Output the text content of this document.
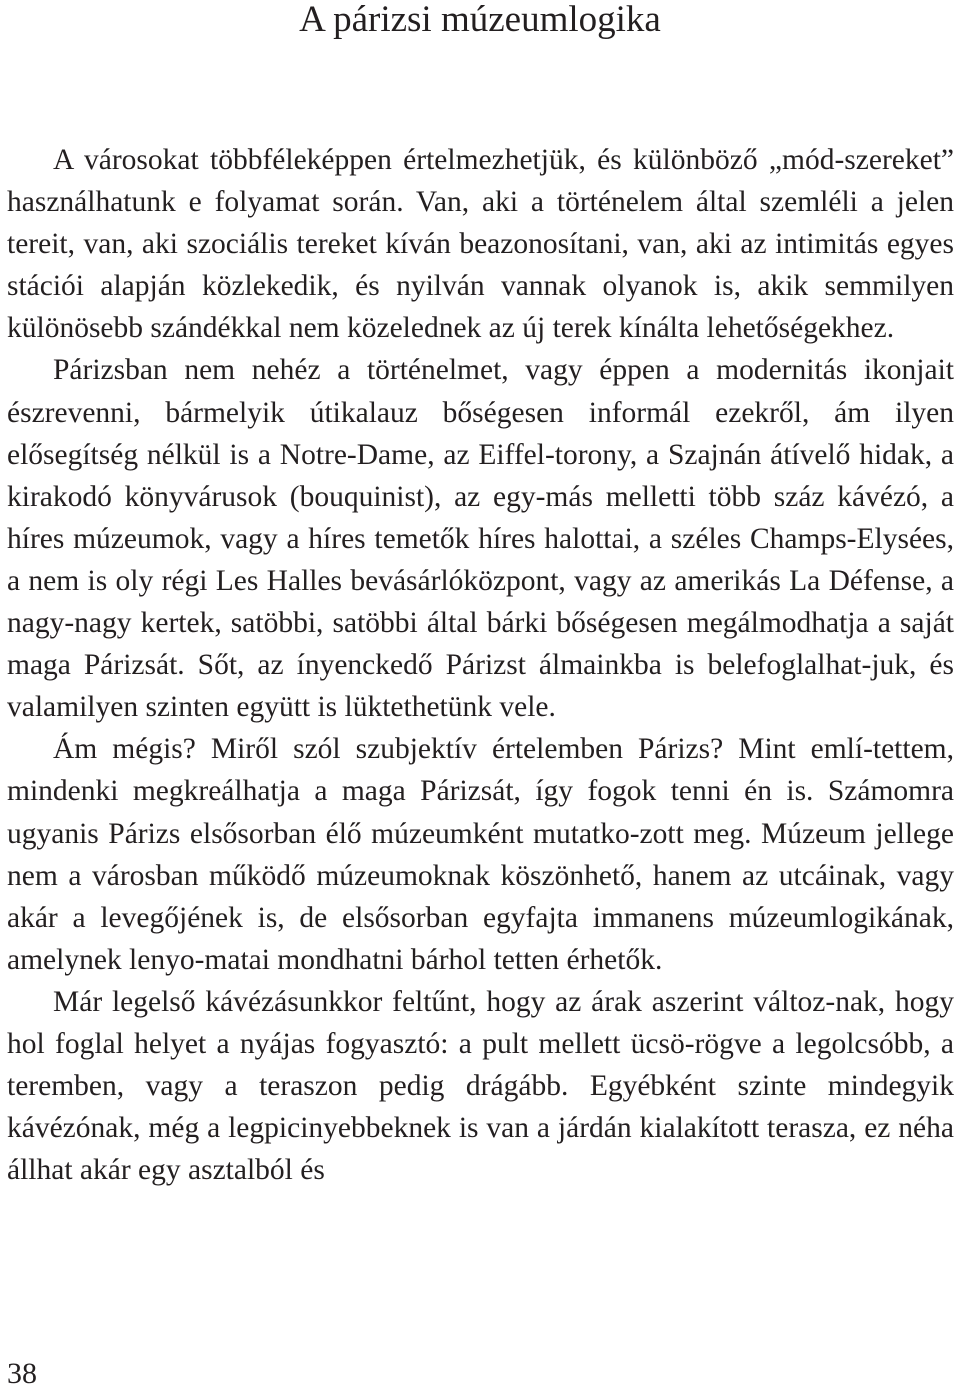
A párizsi múzeumlogika

A városokat többféleképpen értelmezhetjük, és különböző „mód-szereket” használhatunk e folyamat során. Van, aki a történelem által szemléli a jelen tereit, van, aki szociális tereket kíván beazonosítani, van, aki az intimitás egyes stációi alapján közlekedik, és nyilván vannak olyanok is, akik semmilyen különösebb szándékkal nem közelednek az új terek kínálta lehetőségekhez.

Párizsban nem nehéz a történelmet, vagy éppen a modernitás ikonjait észrevenni, bármelyik útikalauz bőségesen informál ezekről, ám ilyen elősegítség nélkül is a Notre-Dame, az Eiffel-torony, a Szajnán átívelő hidak, a kirakodó könyvárusok (bouquinist), az egy-más melletti több száz kávézó, a híres múzeumok, vagy a híres temetők híres halottai, a széles Champs-Elysées, a nem is oly régi Les Halles bevásárlóközpont, vagy az amerikás La Défense, a nagy-nagy kertek, satöbbi, satöbbi által bárki bőségesen megálmodhatja a saját maga Párizsát. Sőt, az ínyenckedő Párizst álmainkba is belefoglalhat-juk, és valamilyen szinten együtt is lüktethetünk vele.

Ám mégis? Miről szól szubjektív értelemben Párizs? Mint emlí-tettem, mindenki megkreálhatja a maga Párizsát, így fogok tenni én is. Számomra ugyanis Párizs elsősorban élő múzeumként mutatko-zott meg. Múzeum jellege nem a városban működő múzeumoknak köszönhető, hanem az utcáinak, vagy akár a levegőjének is, de elsősorban egyfajta immanens múzeumlogikának, amelynek lenyo-matai mondhatni bárhol tetten érhetők.

Már legelső kávézásunkkor feltűnt, hogy az árak aszerint változ-nak, hogy hol foglal helyet a nyájas fogyasztó: a pult mellett ücsö-rögve a legolcsóbb, a teremben, vagy a teraszon pedig drágább. Egyébként szinte mindegyik kávézónak, még a legpicinyebbeknek is van a járdán kialakított terasza, ez néha állhat akár egy asztalból és

38
